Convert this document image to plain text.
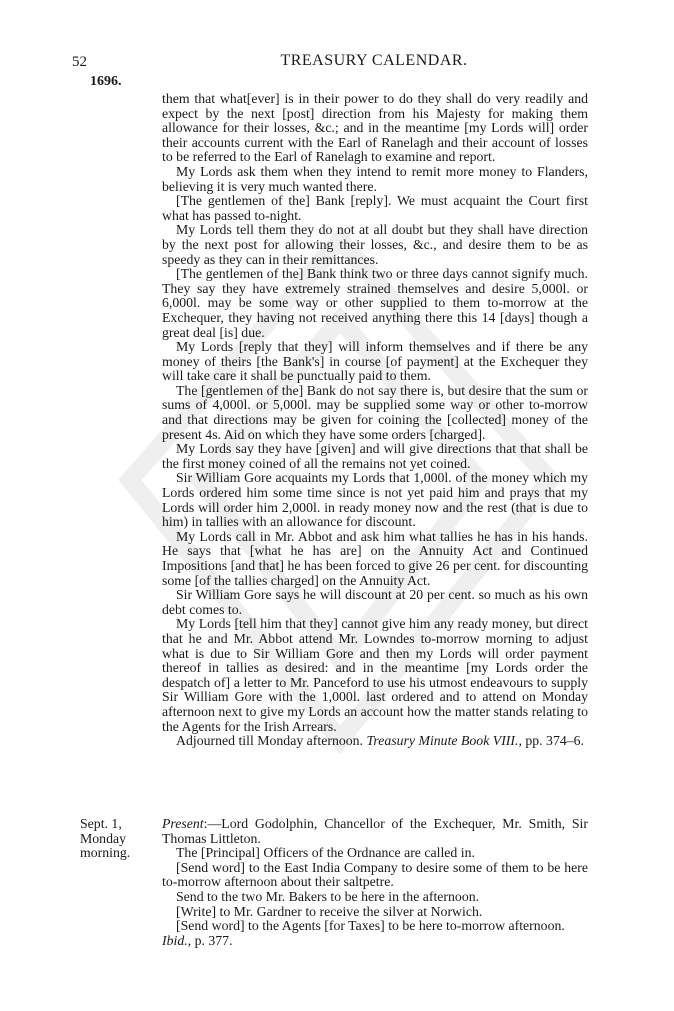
52	TREASURY CALENDAR.
1696.

them that what[ever] is in their power to do they shall do very readily and expect by the next [post] direction from his Majesty for making them allowance for their losses, &c.; and in the meantime [my Lords will] order their accounts current with the Earl of Ranelagh and their account of losses to be referred to the Earl of Ranelagh to examine and report.

My Lords ask them when they intend to remit more money to Flanders, believing it is very much wanted there.

[The gentlemen of the] Bank [reply]. We must acquaint the Court first what has passed to-night.

My Lords tell them they do not at all doubt but they shall have direction by the next post for allowing their losses, &c., and desire them to be as speedy as they can in their remittances.

[The gentlemen of the] Bank think two or three days cannot signify much. They say they have extremely strained themselves and desire 5,000l. or 6,000l. may be some way or other supplied to them to-morrow at the Exchequer, they having not received anything there this 14 [days] though a great deal [is] due.

My Lords [reply that they] will inform themselves and if there be any money of theirs [the Bank's] in course [of payment] at the Exchequer they will take care it shall be punctually paid to them.

The [gentlemen of the] Bank do not say there is, but desire that the sum or sums of 4,000l. or 5,000l. may be supplied some way or other to-morrow and that directions may be given for coining the [collected] money of the present 4s. Aid on which they have some orders [charged].

My Lords say they have [given] and will give directions that that shall be the first money coined of all the remains not yet coined.

Sir William Gore acquaints my Lords that 1,000l. of the money which my Lords ordered him some time since is not yet paid him and prays that my Lords will order him 2,000l. in ready money now and the rest (that is due to him) in tallies with an allowance for discount.

My Lords call in Mr. Abbot and ask him what tallies he has in his hands. He says that [what he has are] on the Annuity Act and Continued Impositions [and that] he has been forced to give 26 per cent. for discounting some [of the tallies charged] on the Annuity Act.

Sir William Gore says he will discount at 20 per cent. so much as his own debt comes to.

My Lords [tell him that they] cannot give him any ready money, but direct that he and Mr. Abbot attend Mr. Lowndes to-morrow morning to adjust what is due to Sir William Gore and then my Lords will order payment thereof in tallies as desired: and in the meantime [my Lords order the despatch of] a letter to Mr. Panceford to use his utmost endeavours to supply Sir William Gore with the 1,000l. last ordered and to attend on Monday afternoon next to give my Lords an account how the matter stands relating to the Agents for the Irish Arrears.

Adjourned till Monday afternoon. Treasury Minute Book VIII., pp. 374–6.

Sept. 1,
Monday
morning.

Present:—Lord Godolphin, Chancellor of the Exchequer, Mr. Smith, Sir Thomas Littleton.

The [Principal] Officers of the Ordnance are called in.

[Send word] to the East India Company to desire some of them to be here to-morrow afternoon about their saltpetre.

Send to the two Mr. Bakers to be here in the afternoon.

[Write] to Mr. Gardner to receive the silver at Norwich.

[Send word] to the Agents [for Taxes] to be here to-morrow afternoon.

Ibid., p. 377.
